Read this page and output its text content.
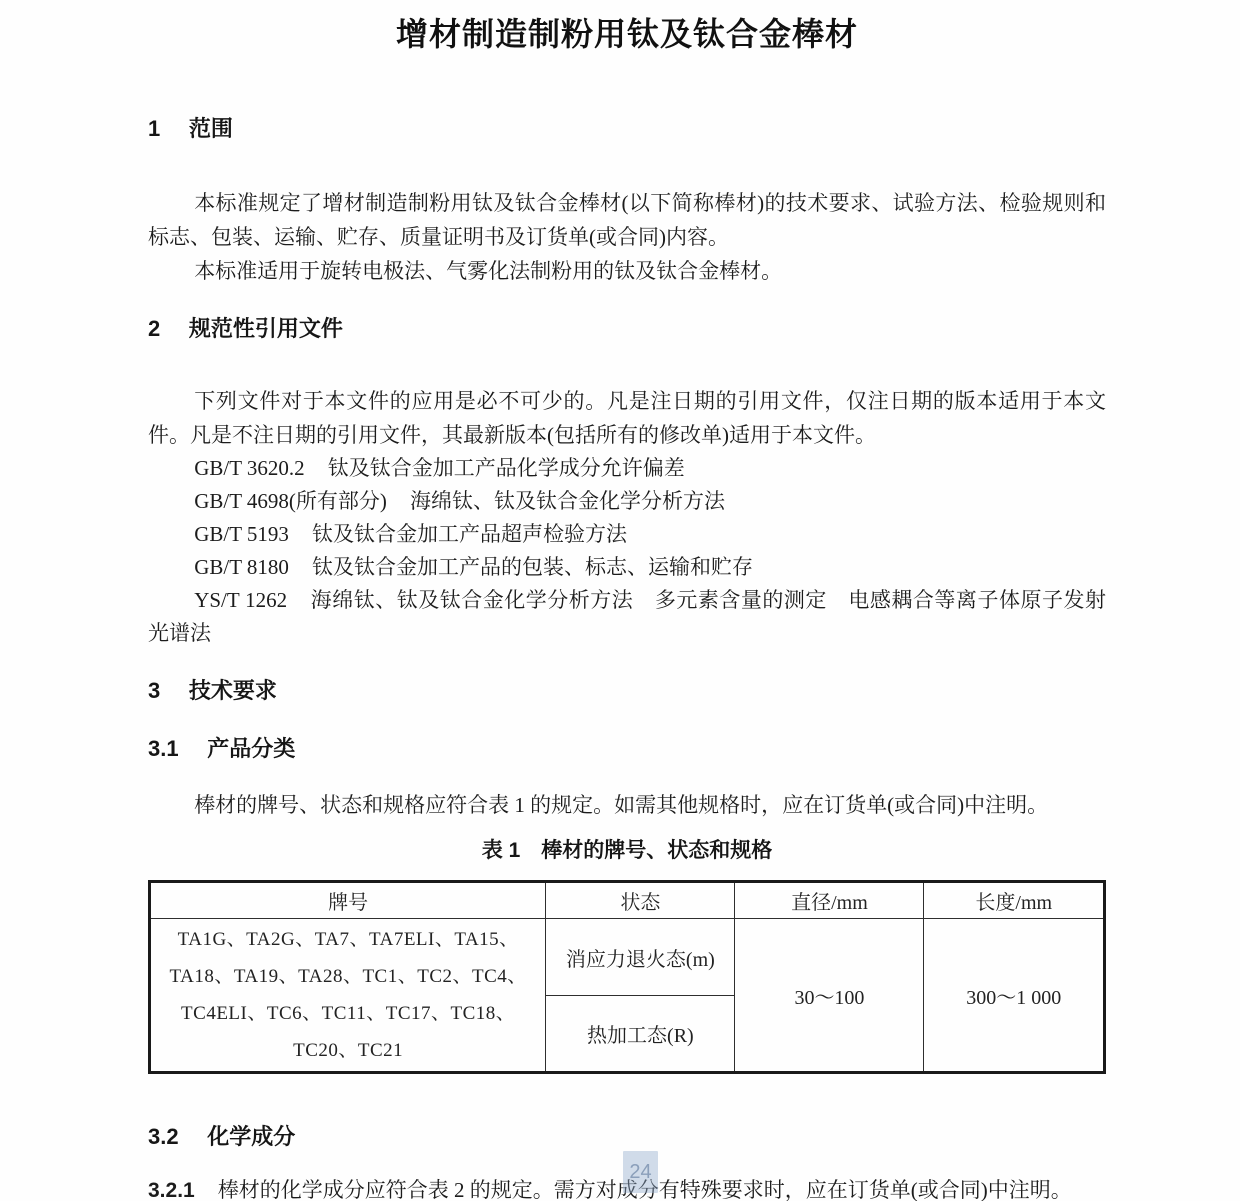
增材制造制粉用钛及钛合金棒材
1 范围

本标准规定了增材制造制粉用钛及钛合金棒材(以下简称棒材)的技术要求、试验方法、检验规则和标志、包装、运输、贮存、质量证明书及订货单(或合同)内容。

本标准适用于旋转电极法、气雾化法制粉用的钛及钛合金棒材。

2 规范性引用文件

下列文件对于本文件的应用是必不可少的。凡是注日期的引用文件，仅注日期的版本适用于本文件。凡是不注日期的引用文件，其最新版本(包括所有的修改单)适用于本文件。

GB/T 3620.2 钛及钛合金加工产品化学成分允许偏差

GB/T 4698(所有部分) 海绵钛、钛及钛合金化学分析方法

GB/T 5193 钛及钛合金加工产品超声检验方法

GB/T 8180 钛及钛合金加工产品的包装、标志、运输和贮存

YS/T 1262 海绵钛、钛及钛合金化学分析方法　多元素含量的测定　电感耦合等离子体原子发射光谱法

3 技术要求
3.1 产品分类

棒材的牌号、状态和规格应符合表 1 的规定。如需其他规格时，应在订货单(或合同)中注明。

表 1 棒材的牌号、状态和规格
牌号	状态	直径/mm	长度/mm
TA1G、TA2G、TA7、TA7ELI、TA15、TA18、TA19、TA28、TC1、TC2、TC4、TC4ELI、TC6、TC11、TC17、TC18、TC20、TC21	消应力退火态(m)	30～100	300～1 000
	热加工态(R)		
3.2 化学成分

3.2.1 棒材的化学成分应符合表 2 的规定。需方对成分有特殊要求时，应在订货单(或合同)中注明。

24
